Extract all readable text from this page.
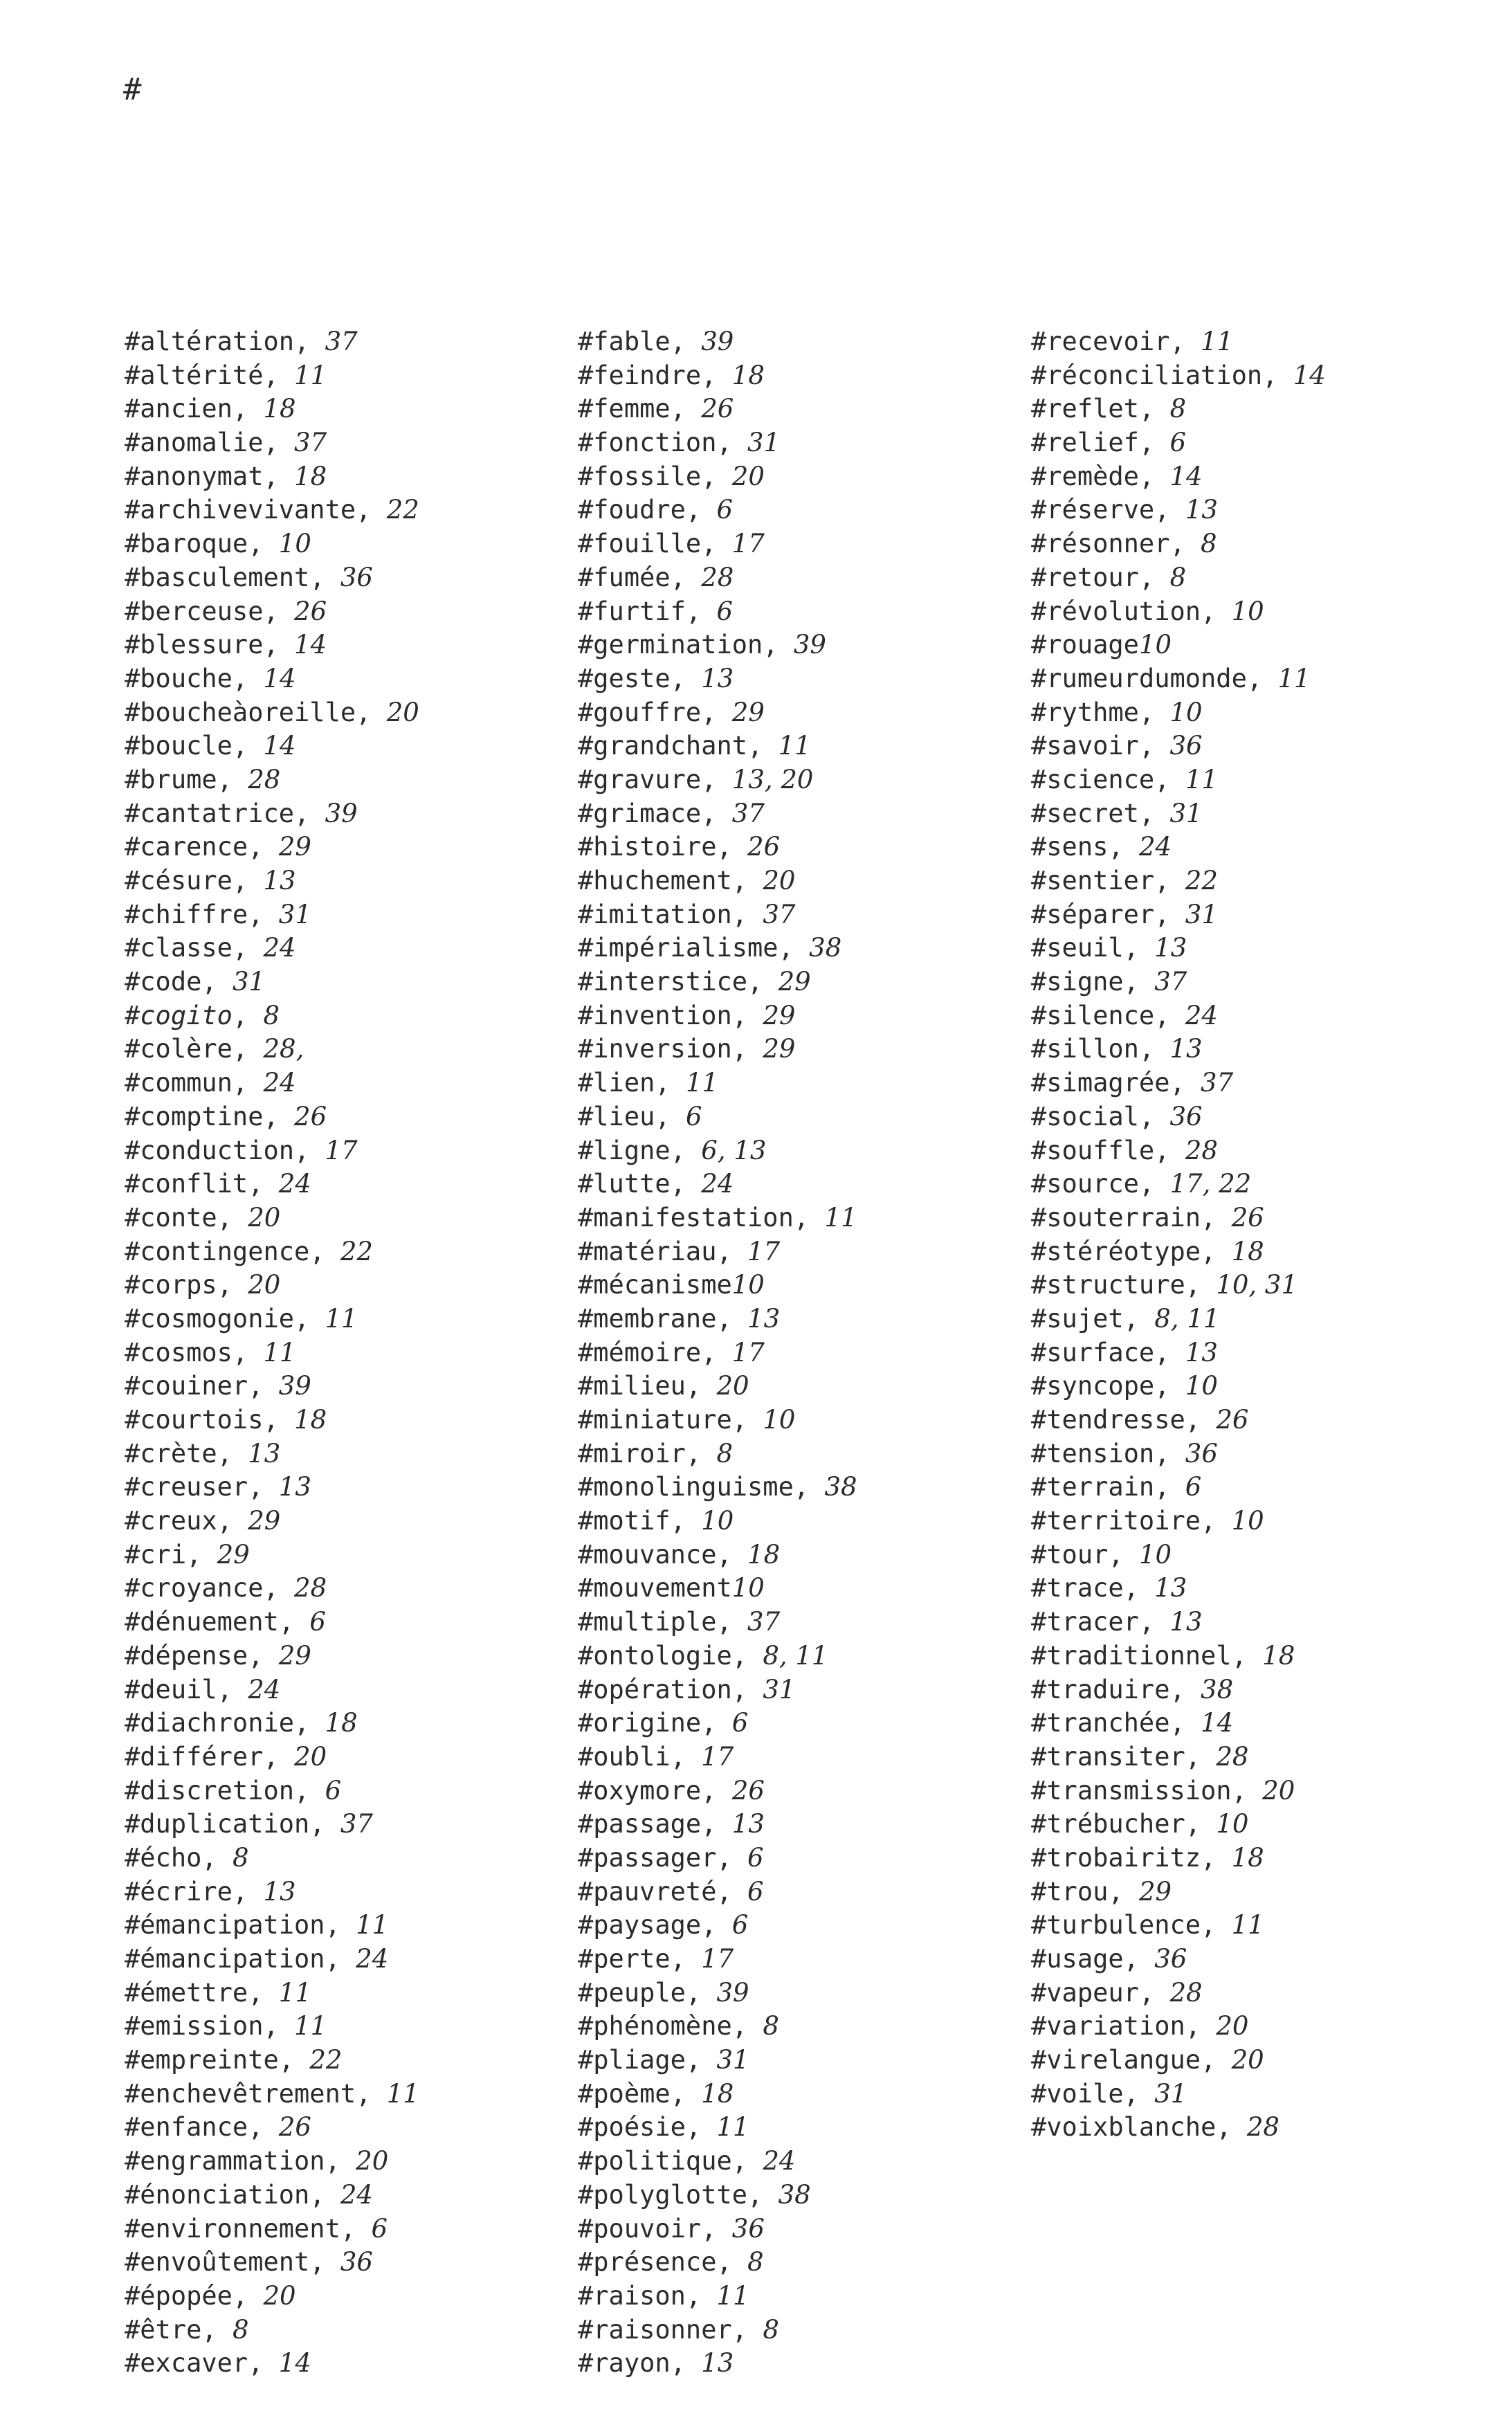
#
#altération, 37
#altérité, 11
#ancien, 18
#anomalie, 37
#anonymat, 18
#archivevivante, 22
#baroque, 10
#basculement, 36
#berceuse, 26
#blessure, 14
#bouche, 14
#boucheàoreille, 20
#boucle, 14
#brume, 28
#cantatrice, 39
#carence, 29
#césure, 13
#chiffre, 31
#classe, 24
#code, 31
#cogito, 8
#colère, 28,
#commun, 24
#comptine, 26
#conduction, 17
#conflit, 24
#conte, 20
#contingence, 22
#corps, 20
#cosmogonie, 11
#cosmos, 11
#couiner, 39
#courtois, 18
#crète, 13
#creuser, 13
#creux, 29
#cri, 29
#croyance, 28
#dénuement, 6
#dépense, 29
#deuil, 24
#diachronie, 18
#différer, 20
#discretion, 6
#duplication, 37
#écho, 8
#écrire, 13
#émancipation, 11
#émancipation, 24
#émettre, 11
#emission, 11
#empreinte, 22
#enchevêtrement, 11
#enfance, 26
#engrammation, 20
#énonciation, 24
#environnement, 6
#envoûtement, 36
#épopée, 20
#être, 8
#excaver, 14
#fable, 39
#feindre, 18
#femme, 26
#fonction, 31
#fossile, 20
#foudre, 6
#fouille, 17
#fumée, 28
#furtif, 6
#germination, 39
#geste, 13
#gouffre, 29
#grandchant, 11
#gravure, 13, 20
#grimace, 37
#histoire, 26
#huchement, 20
#imitation, 37
#impérialisme, 38
#interstice, 29
#invention, 29
#inversion, 29
#lien, 11
#lieu, 6
#ligne, 6, 13
#lutte, 24
#manifestation, 11
#matériau, 17
#mécanisme10
#membrane, 13
#mémoire, 17
#milieu, 20
#miniature, 10
#miroir, 8
#monolinguisme, 38
#motif, 10
#mouvance, 18
#mouvement10
#multiple, 37
#ontologie, 8, 11
#opération, 31
#origine, 6
#oubli, 17
#oxymore, 26
#passage, 13
#passager, 6
#pauvreté, 6
#paysage, 6
#perte, 17
#peuple, 39
#phénomène, 8
#pliage, 31
#poème, 18
#poésie, 11
#politique, 24
#polyglotte, 38
#pouvoir, 36
#présence, 8
#raison, 11
#raisonner, 8
#rayon, 13
#recevoir, 11
#réconciliation, 14
#reflet, 8
#relief, 6
#remède, 14
#réserve, 13
#résonner, 8
#retour, 8
#révolution, 10
#rouage10
#rumeurdumonde, 11
#rythme, 10
#savoir, 36
#science, 11
#secret, 31
#sens, 24
#sentier, 22
#séparer, 31
#seuil, 13
#signe, 37
#silence, 24
#sillon, 13
#simagrée, 37
#social, 36
#souffle, 28
#source, 17, 22
#souterrain, 26
#stéréotype, 18
#structure, 10, 31
#sujet, 8, 11
#surface, 13
#syncope, 10
#tendresse, 26
#tension, 36
#terrain, 6
#territoire, 10
#tour, 10
#trace, 13
#tracer, 13
#traditionnel, 18
#traduire, 38
#tranchée, 14
#transiter, 28
#transmission, 20
#trébucher, 10
#trobairitz, 18
#trou, 29
#turbulence, 11
#usage, 36
#vapeur, 28
#variation, 20
#virelangue, 20
#voile, 31
#voixblanche, 28
